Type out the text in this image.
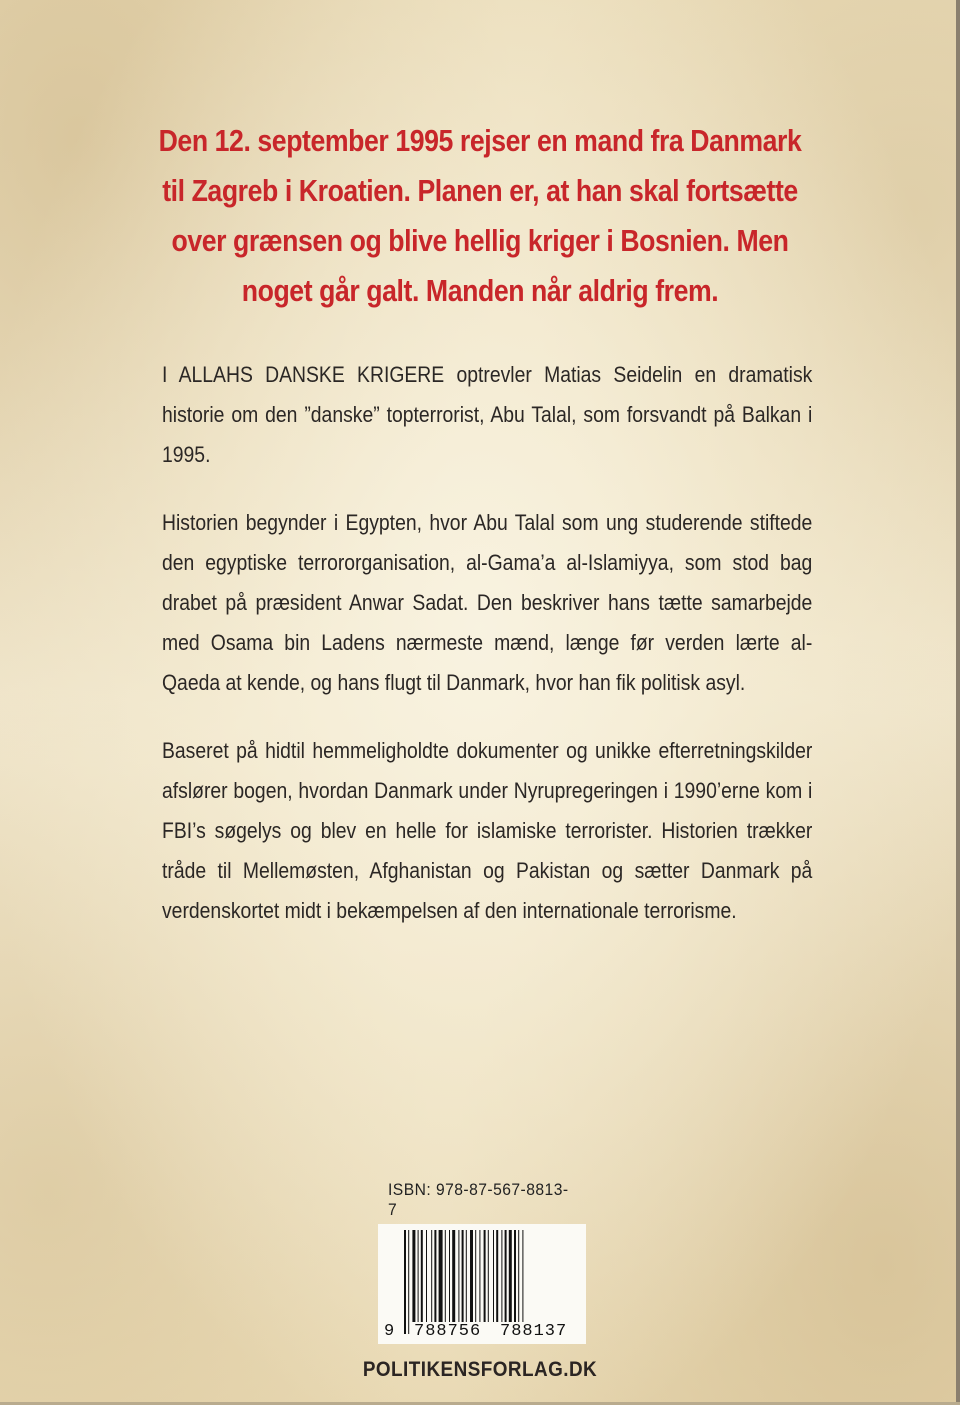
Den 12. september 1995 rejser en mand fra Danmark til Zagreb i Kroatien. Planen er, at han skal fortsætte over grænsen og blive hellig kriger i Bosnien. Men noget går galt. Manden når aldrig frem.

I ALLAHS DANSKE KRIGERE optrevler Matias Seidelin en dramatisk historie om den ”danske” topterrorist, Abu Talal, som forsvandt på Balkan i 1995.

Historien begynder i Egypten, hvor Abu Talal som ung studerende stiftede den egyptiske terrororganisation, al-Gama’a al-Islamiyya, som stod bag drabet på præsident Anwar Sadat. Den beskriver hans tætte samarbejde med Osama bin Ladens nærmeste mænd, længe før verden lærte al-Qaeda at kende, og hans flugt til Danmark, hvor han fik politisk asyl.

Baseret på hidtil hemmeligholdte dokumenter og unikke efterretningskilder afslører bogen, hvordan Danmark under Nyrupregeringen i 1990’erne kom i FBI’s søgelys og blev en helle for islamiske terrorister. Historien trækker tråde til Mellemøsten, Afghanistan og Pakistan og sætter Danmark på verdenskortet midt i bekæmpelsen af den internationale terrorisme.

ISBN: 978-87-567-8813-7
9 788756 788137

POLITIKENSFORLAG.DK
